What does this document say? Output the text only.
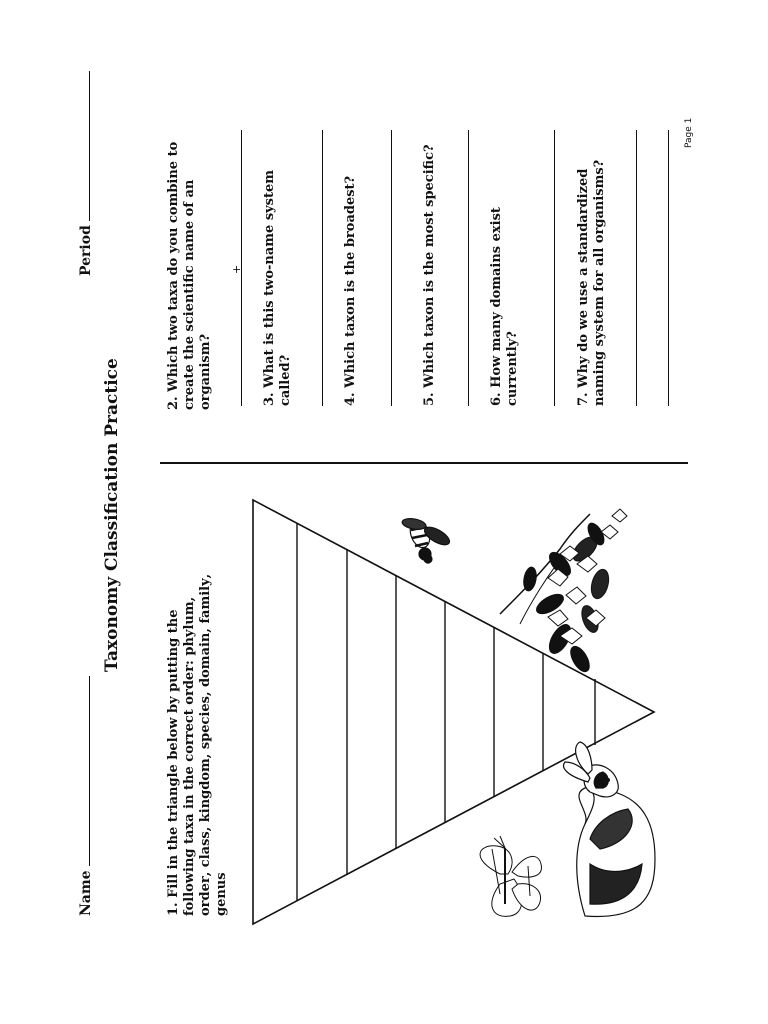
Name
Period
Taxonomy Classification Practice
1. Fill in the triangle below by putting the following taxa in the correct order: phylum, order, class, kingdom, species, domain, family, genus
2. Which two taxa do you combine to create the scientific name of an organism?
+ 3. What is this two-name system called?	4. Which taxon is the broadest?	5. Which taxon is the most specific?	6. How many domains exist currently?	7. Why do we use a standardized naming system for all organisms?
Page 1
